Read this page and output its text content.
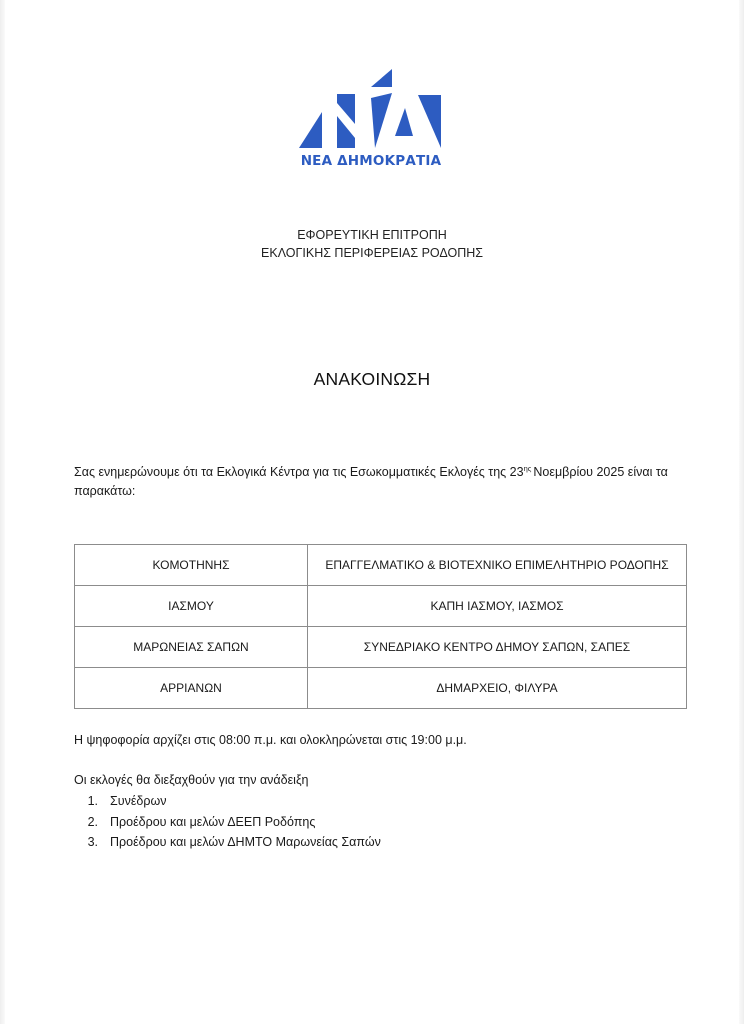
ΝΕΑ ΔΗΜΟΚΡΑΤΙΑ
ΕΦΟΡΕΥΤΙΚΗ ΕΠΙΤΡΟΠΗ
ΕΚΛΟΓΙΚΗΣ ΠΕΡΙΦΕΡΕΙΑΣ ΡΟΔΟΠΗΣ
ΑΝΑΚΟΙΝΩΣΗ
Σας ενημερώνουμε ότι τα Εκλογικά Κέντρα για τις Εσωκομματικές Εκλογές της $23^{\eta\varsigma}$ Νοεμβρίου 2025 είναι τα παρακάτω:
ΚΟΜΟΤΗΝΗΣ	ΕΠΑΓΓΕΛΜΑΤΙΚΟ & ΒΙΟΤΕΧΝΙΚΟ ΕΠΙΜΕΛΗΤΗΡΙΟ ΡΟΔΟΠΗΣ
ΙΑΣΜΟΥ	ΚΑΠΗ ΙΑΣΜΟΥ, ΙΑΣΜΟΣ
ΜΑΡΩΝΕΙΑΣ ΣΑΠΩΝ	ΣΥΝΕΔΡΙΑΚΟ ΚΕΝΤΡΟ ΔΗΜΟΥ ΣΑΠΩΝ, ΣΑΠΕΣ
ΑΡΡΙΑΝΩΝ	ΔΗΜΑΡΧΕΙΟ, ΦΙΛΥΡΑ
Η ψηφοφορία αρχίζει στις 08:00 π.μ. και ολοκληρώνεται στις 19:00 μ.μ.
Οι εκλογές θα διεξαχθούν για την ανάδειξη
1. Συνέδρων
2. Προέδρου και μελών ΔΕΕΠ Ροδόπης
3. Προέδρου και μελών ΔΗΜΤΟ Μαρωνείας Σαπών
